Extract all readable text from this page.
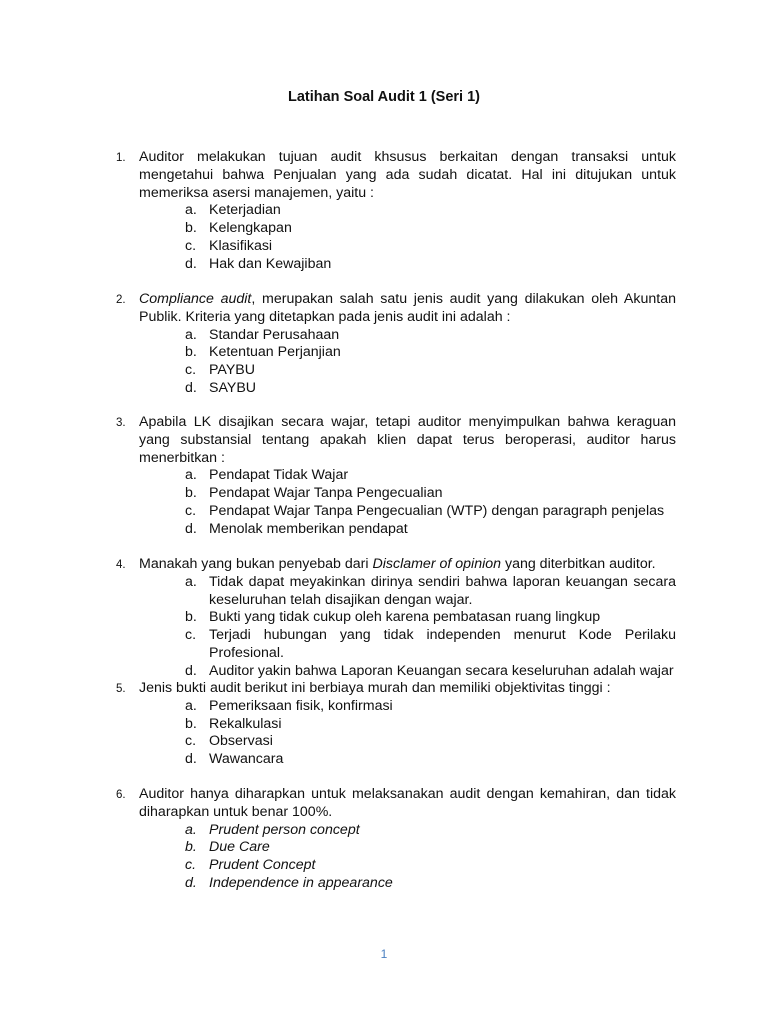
Latihan Soal Audit 1 (Seri 1)
1. Auditor melakukan tujuan audit khsusus berkaitan dengan transaksi untuk mengetahui bahwa Penjualan yang ada sudah dicatat. Hal ini ditujukan untuk memeriksa asersi manajemen, yaitu :
a. Keterjadian
b. Kelengkapan
c. Klasifikasi
d. Hak dan Kewajiban
2. Compliance audit, merupakan salah satu jenis audit yang dilakukan oleh Akuntan Publik. Kriteria yang ditetapkan pada jenis audit ini adalah :
a. Standar Perusahaan
b. Ketentuan Perjanjian
c. PAYBU
d. SAYBU
3. Apabila LK disajikan secara wajar, tetapi auditor menyimpulkan bahwa keraguan yang substansial tentang apakah klien dapat terus beroperasi, auditor harus menerbitkan :
a. Pendapat Tidak Wajar
b. Pendapat Wajar Tanpa Pengecualian
c. Pendapat Wajar Tanpa Pengecualian (WTP) dengan paragraph penjelas
d. Menolak memberikan pendapat
4. Manakah yang bukan penyebab dari Disclamer of opinion yang diterbitkan auditor.
a. Tidak dapat meyakinkan dirinya sendiri bahwa laporan keuangan secara keseluruhan telah disajikan dengan wajar.
b. Bukti yang tidak cukup oleh karena pembatasan ruang lingkup
c. Terjadi hubungan yang tidak independen menurut Kode Perilaku Profesional.
d. Auditor yakin bahwa Laporan Keuangan secara keseluruhan adalah wajar
5. Jenis bukti audit berikut ini berbiaya murah dan memiliki objektivitas tinggi :
a. Pemeriksaan fisik, konfirmasi
b. Rekalkulasi
c. Observasi
d. Wawancara
6. Auditor hanya diharapkan untuk melaksanakan audit dengan kemahiran, dan tidak diharapkan untuk benar 100%.
a. Prudent person concept
b. Due Care
c. Prudent Concept
d. Independence in appearance
1
